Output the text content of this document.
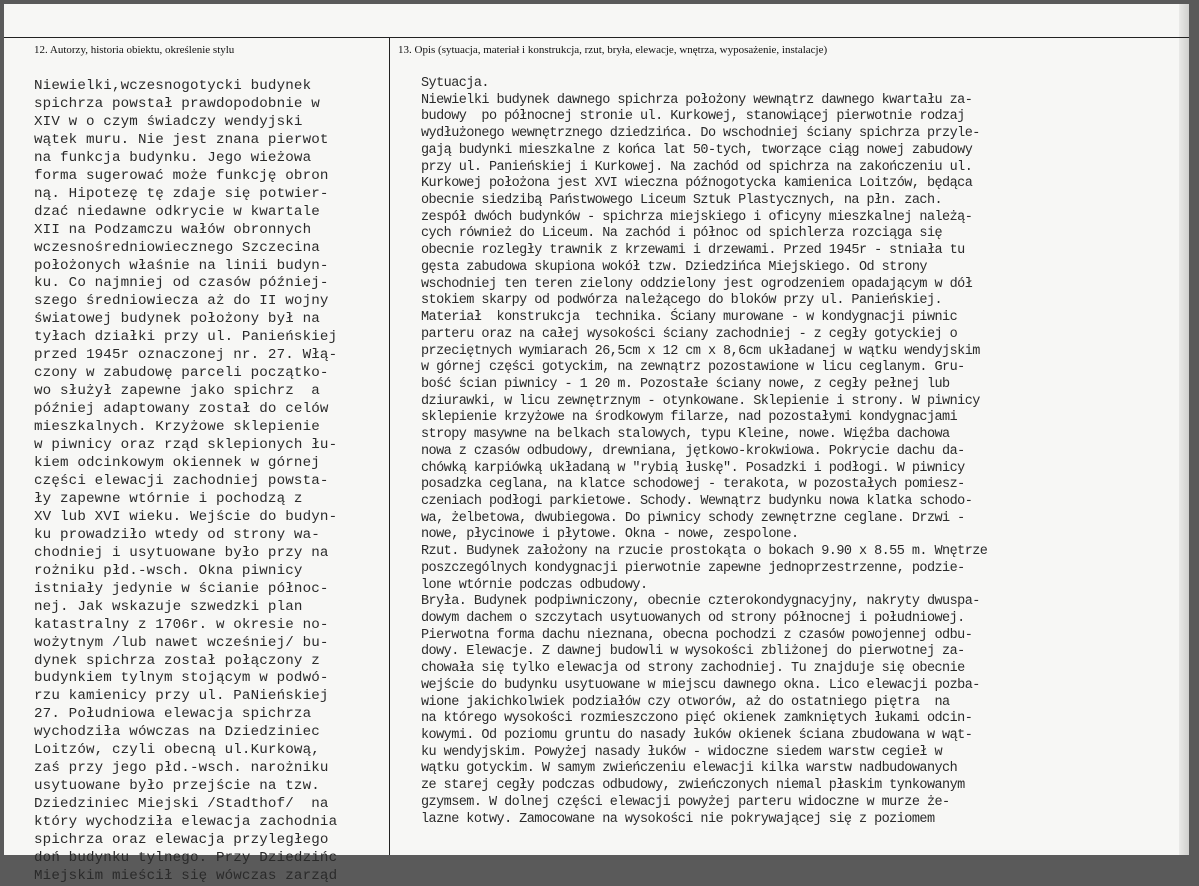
12. Autorzy, historia obiektu, określenie stylu	13. Opis (sytuacja, materiał i konstrukcja, rzut, bryła, elewacje, wnętrza, wyposażenie, instalacje)
Niewielki,wczesnogotycki budynek
spichrza powstał prawdopodobnie w
XIV w o czym świadczy wendyjski
wątek muru. Nie jest znana pierwot
na funkcja budynku. Jego wieżowa
forma sugerować może funkcję obron
ną. Hipotezę tę zdaje się potwier-
dzać niedawne odkrycie w kwartale
XII na Podzamczu wałów obronnych
wczesnośredniowiecznego Szczecina
położonych właśnie na linii budyn-
ku. Co najmniej od czasów później-
szego średniowiecza aż do II wojny
światowej budynek położony był na
tyłach działki przy ul. Panieńskiej
przed 1945r oznaczonej nr. 27. Włą-
czony w zabudowę parceli początko-
wo służył zapewne jako spichrz  a
później adaptowany został do celów
mieszkalnych. Krzyżowe sklepienie
w piwnicy oraz rząd sklepionych łu-
kiem odcinkowym okiennek w górnej
części elewacji zachodniej powsta-
ły zapewne wtórnie i pochodzą z
XV lub XVI wieku. Wejście do budyn-
ku prowadziło wtedy od strony wa-
chodniej i usytuowane było przy na
rożniku płd.-wsch. Okna piwnicy
istniały jedynie w ścianie północ-
nej. Jak wskazuje szwedzki plan
katastralny z 1706r. w okresie no-
wożytnym /lub nawet wcześniej/ bu-
dynek spichrza został połączony z
budynkiem tylnym stojącym w podwó-
rzu kamienicy przy ul. PaNieńskiej
27. Południowa elewacja spichrza
wychodziła wówczas na Dziedziniec
Loitzów, czyli obecną ul.Kurkową,
zaś przy jego płd.-wsch. narożniku
usytuowane było przejście na tzw.
Dziedziniec Miejski /Stadthof/  na
który wychodziła elewacja zachodnia
spichrza oraz elewacja przyległego
doń budynku tylnego. Przy Dziedzińc
Miejskim mieścił się wówczas zarząd
Sytuacja.
Niewielki budynek dawnego spichrza położony wewnątrz dawnego kwartału za-
budowy  po północnej stronie ul. Kurkowej, stanowiącej pierwotnie rodzaj
wydłużonego wewnętrznego dziedzińca. Do wschodniej ściany spichrza przyle-
gają budynki mieszkalne z końca lat 50-tych, tworzące ciąg nowej zabudowy
przy ul. Panieńskiej i Kurkowej. Na zachód od spichrza na zakończeniu ul.
Kurkowej położona jest XVI wieczna późnogotycka kamienica Loitzów, będąca
obecnie siedzibą Państwowego Liceum Sztuk Plastycznych, na płn. zach.
zespół dwóch budynków - spichrza miejskiego i oficyny mieszkalnej należą-
cych również do Liceum. Na zachód i północ od spichlerza rozciąga się
obecnie rozległy trawnik z krzewami i drzewami. Przed 1945r - stniała tu
gęsta zabudowa skupiona wokół tzw. Dziedzińca Miejskiego. Od strony
wschodniej ten teren zielony oddzielony jest ogrodzeniem opadającym w dół
stokiem skarpy od podwórza należącego do bloków przy ul. Panieńskiej.
Materiał  konstrukcja  technika. Ściany murowane - w kondygnacji piwnic
parteru oraz na całej wysokości ściany zachodniej - z cegły gotyckiej o
przeciętnych wymiarach 26,5cm x 12 cm x 8,6cm układanej w wątku wendyjskim
w górnej części gotyckim, na zewnątrz pozostawione w licu ceglanym. Gru-
bość ścian piwnicy - 1 20 m. Pozostałe ściany nowe, z cegły pełnej lub
dziurawki, w licu zewnętrznym - otynkowane. Sklepienie i strony. W piwnicy
sklepienie krzyżowe na środkowym filarze, nad pozostałymi kondygnacjami
stropy masywne na belkach stalowych, typu Kleine, nowe. Więźba dachowa
nowa z czasów odbudowy, drewniana, jętkowo-krokwiowa. Pokrycie dachu da-
chówką karpiówką układaną w "rybią łuskę". Posadzki i podłogi. W piwnicy
posadzka ceglana, na klatce schodowej - terakota, w pozostałych pomiesz-
czeniach podłogi parkietowe. Schody. Wewnątrz budynku nowa klatka schodo-
wa, żelbetowa, dwubiegowa. Do piwnicy schody zewnętrzne ceglane. Drzwi -
nowe, płycinowe i płytowe. Okna - nowe, zespolone.
Rzut. Budynek założony na rzucie prostokąta o bokach 9.90 x 8.55 m. Wnętrze
poszczególnych kondygnacji pierwotnie zapewne jednoprzestrzenne, podzie-
lone wtórnie podczas odbudowy.
Bryła. Budynek podpiwniczony, obecnie czterokondygnacyjny, nakryty dwuspa-
dowym dachem o szczytach usytuowanych od strony północnej i południowej.
Pierwotna forma dachu nieznana, obecna pochodzi z czasów powojennej odbu-
dowy. Elewacje. Z dawnej budowli w wysokości zbliżonej do pierwotnej za-
chowała się tylko elewacja od strony zachodniej. Tu znajduje się obecnie
wejście do budynku usytuowane w miejscu dawnego okna. Lico elewacji pozba-
wione jakichkolwiek podziałów czy otworów, aż do ostatniego piętra  na
na którego wysokości rozmieszczono pięć okienek zamkniętych łukami odcin-
kowymi. Od poziomu gruntu do nasady łuków okienek ściana zbudowana w wąt-
ku wendyjskim. Powyżej nasady łuków - widoczne siedem warstw cegieł w
wątku gotyckim. W samym zwieńczeniu elewacji kilka warstw nadbudowanych
ze starej cegły podczas odbudowy, zwieńczonych niemal płaskim tynkowanym
gzymsem. W dolnej części elewacji powyżej parteru widoczne w murze że-
lazne kotwy. Zamocowane na wysokości nie pokrywającej się z poziomem
